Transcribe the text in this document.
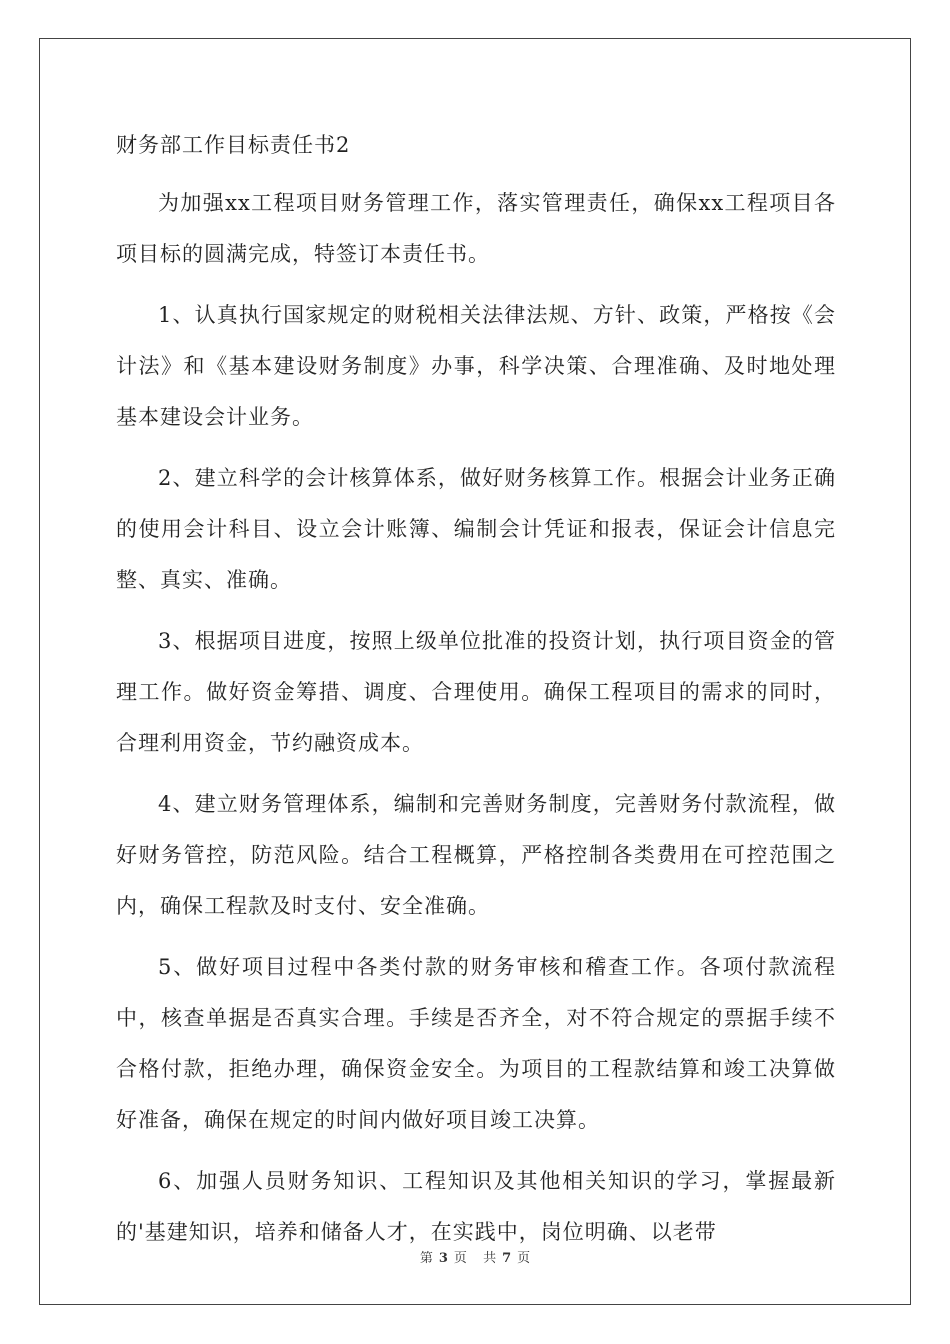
财务部工作目标责任书2

为加强xx工程项目财务管理工作，落实管理责任，确保xx工程项目各项目标的圆满完成，特签订本责任书。

1、认真执行国家规定的财税相关法律法规、方针、政策，严格按《会计法》和《基本建设财务制度》办事，科学决策、合理准确、及时地处理基本建设会计业务。

2、建立科学的会计核算体系，做好财务核算工作。根据会计业务正确的使用会计科目、设立会计账簿、编制会计凭证和报表，保证会计信息完整、真实、准确。

3、根据项目进度，按照上级单位批准的投资计划，执行项目资金的管理工作。做好资金筹措、调度、合理使用。确保工程项目的需求的同时，合理利用资金，节约融资成本。

4、建立财务管理体系，编制和完善财务制度，完善财务付款流程，做好财务管控，防范风险。结合工程概算，严格控制各类费用在可控范围之内，确保工程款及时支付、安全准确。

5、做好项目过程中各类付款的财务审核和稽查工作。各项付款流程中，核查单据是否真实合理。手续是否齐全，对不符合规定的票据手续不合格付款，拒绝办理，确保资金安全。为项目的工程款结算和竣工决算做好准备，确保在规定的时间内做好项目竣工决算。

6、加强人员财务知识、工程知识及其他相关知识的学习，掌握最新的'基建知识，培养和储备人才，在实践中，岗位明确、以老带

第 3 页 共 7 页
